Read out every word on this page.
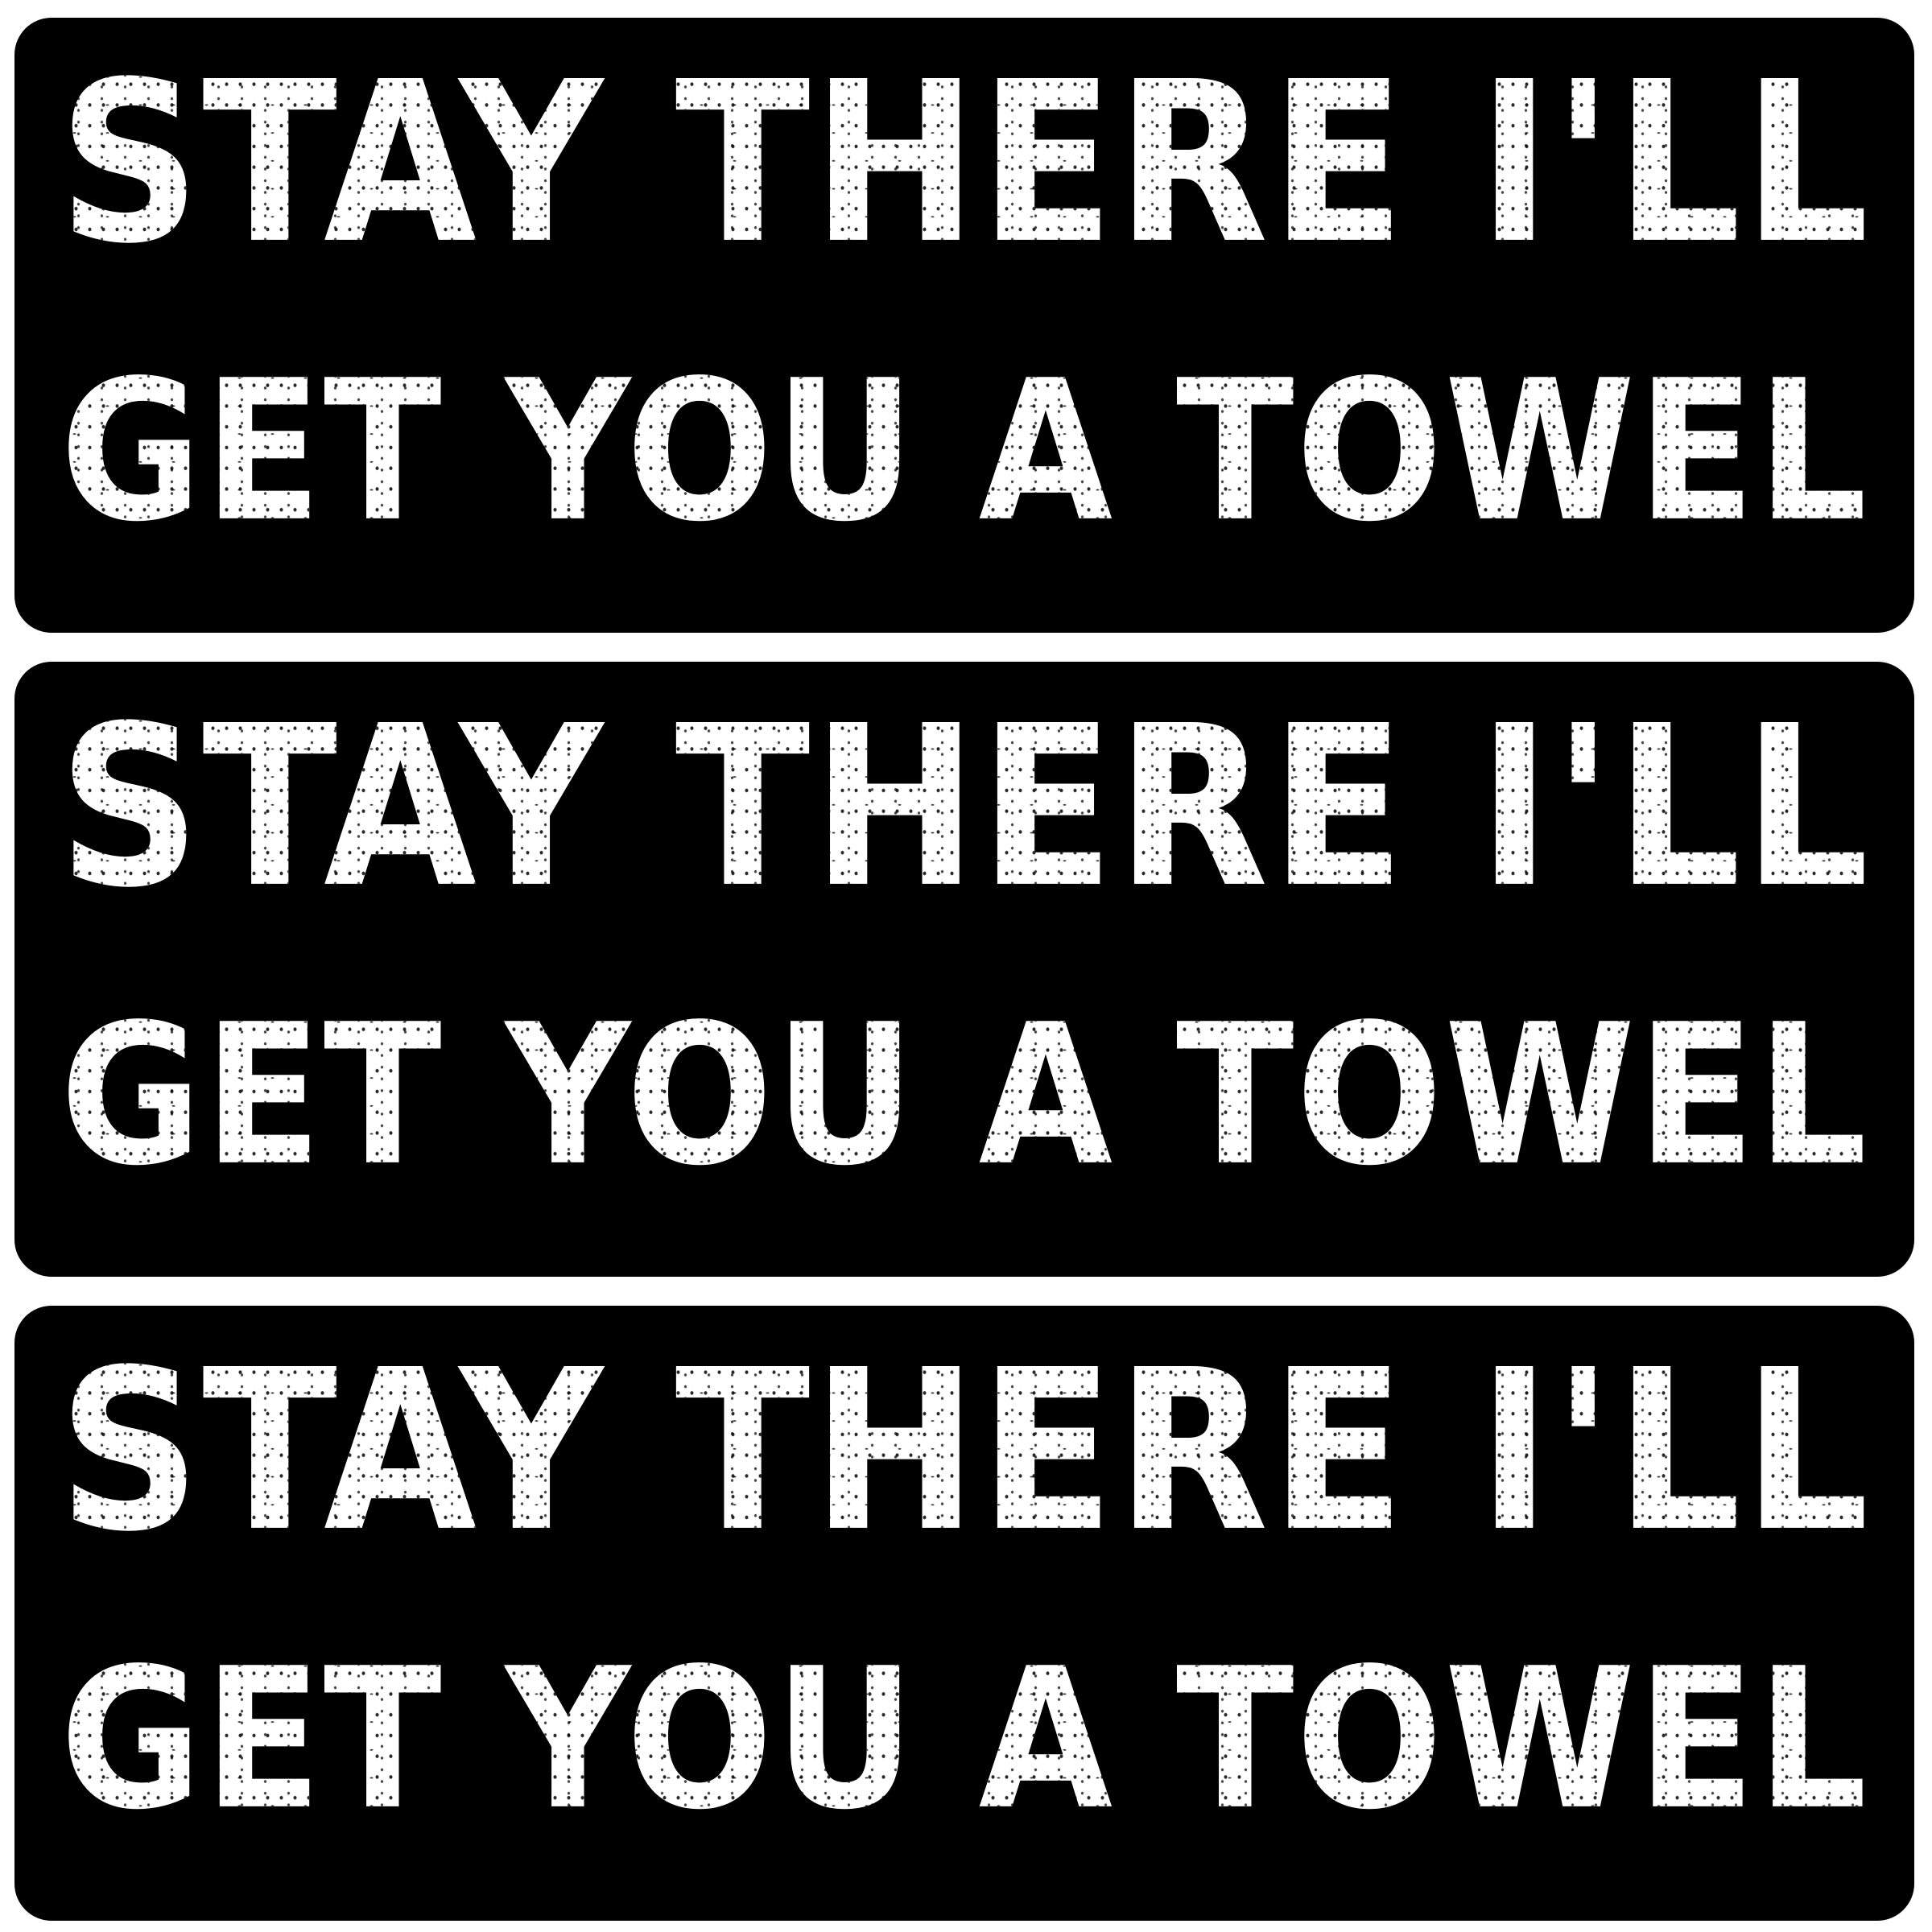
STAY THERE I'LL
GET YOU A TOWEL
STAY THERE I'LL
GET YOU A TOWEL
STAY THERE I'LL
GET YOU A TOWEL
